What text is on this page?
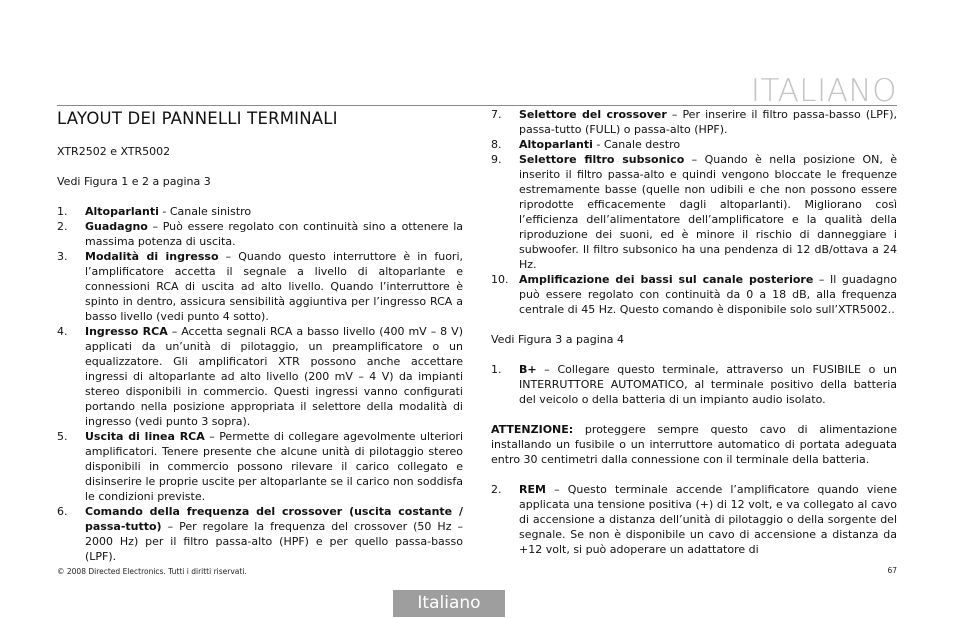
ITALIANO
LAYOUT DEI PANNELLI TERMINALI

XTR2502 e XTR5002

Vedi Figura 1 e 2 a pagina 3

1.	Altoparlanti - Canale sinistro
2.	Guadagno – Può essere regolato con continuità sino a ottenere la massima potenza di uscita.
3.	Modalità di ingresso – Quando questo interruttore è in fuori, l’amplificatore accetta il segnale a livello di altoparlante e connessioni RCA di uscita ad alto livello. Quando l’interruttore è spinto in dentro, assicura sensibilità aggiuntiva per l’ingresso RCA a basso livello (vedi punto 4 sotto).
4.	Ingresso RCA – Accetta segnali RCA a basso livello (400 mV – 8 V) applicati da un’unità di pilotaggio, un preamplificatore o un equalizzatore. Gli amplificatori XTR possono anche accettare ingressi di altoparlante ad alto livello (200 mV – 4 V) da impianti stereo disponibili in commercio. Questi ingressi vanno configurati portando nella posizione appropriata il selettore della modalità di ingresso (vedi punto 3 sopra).
5.	Uscita di linea RCA – Permette di collegare agevolmente ulteriori amplificatori. Tenere presente che alcune unità di pilotaggio stereo disponibili in commercio possono rilevare il carico collegato e disinserire le proprie uscite per altoparlante se il carico non soddisfa le condizioni previste.
6.	Comando della frequenza del crossover (uscita costante / passa-tutto) – Per regolare la frequenza del crossover (50 Hz – 2000 Hz) per il filtro passa-alto (HPF) e per quello passa-basso (LPF).
7.	Selettore del crossover – Per inserire il filtro passa-basso (LPF), passa-tutto (FULL) o passa-alto (HPF).
8.	Altoparlanti - Canale destro
9.	Selettore filtro subsonico – Quando è nella posizione ON, è inserito il filtro passa-alto e quindi vengono bloccate le frequenze estremamente basse (quelle non udibili e che non possono essere riprodotte efficacemente dagli altoparlanti). Migliorano così l’efficienza dell’alimentatore dell’amplificatore e la qualità della riproduzione dei suoni, ed è minore il rischio di danneggiare i subwoofer. Il filtro subsonico ha una pendenza di 12 dB/ottava a 24 Hz.
10. Amplificazione dei bassi sul canale posteriore – Il guadagno può essere regolato con continuità da 0 a 18 dB, alla frequenza centrale di 45 Hz. Questo comando è disponibile solo sull’XTR5002..

Vedi Figura 3 a pagina 4

1.	B+ – Collegare questo terminale, attraverso un FUSIBILE o un INTERRUTTORE AUTOMATICO, al terminale positivo della batteria del veicolo o della batteria di un impianto audio isolato.

ATTENZIONE: proteggere sempre questo cavo di alimentazione installando un fusibile o un interruttore automatico di portata adeguata entro 30 centimetri dalla connessione con il terminale della batteria.

2.	REM – Questo terminale accende l’amplificatore quando viene applicata una tensione positiva (+) di 12 volt, e va collegato al cavo di accensione a distanza dell’unità di pilotaggio o della sorgente del segnale. Se non è disponibile un cavo di accensione a distanza da +12 volt, si può adoperare un adattatore di
© 2008 Directed Electronics. Tutti i diritti riservati.	67
Italiano
